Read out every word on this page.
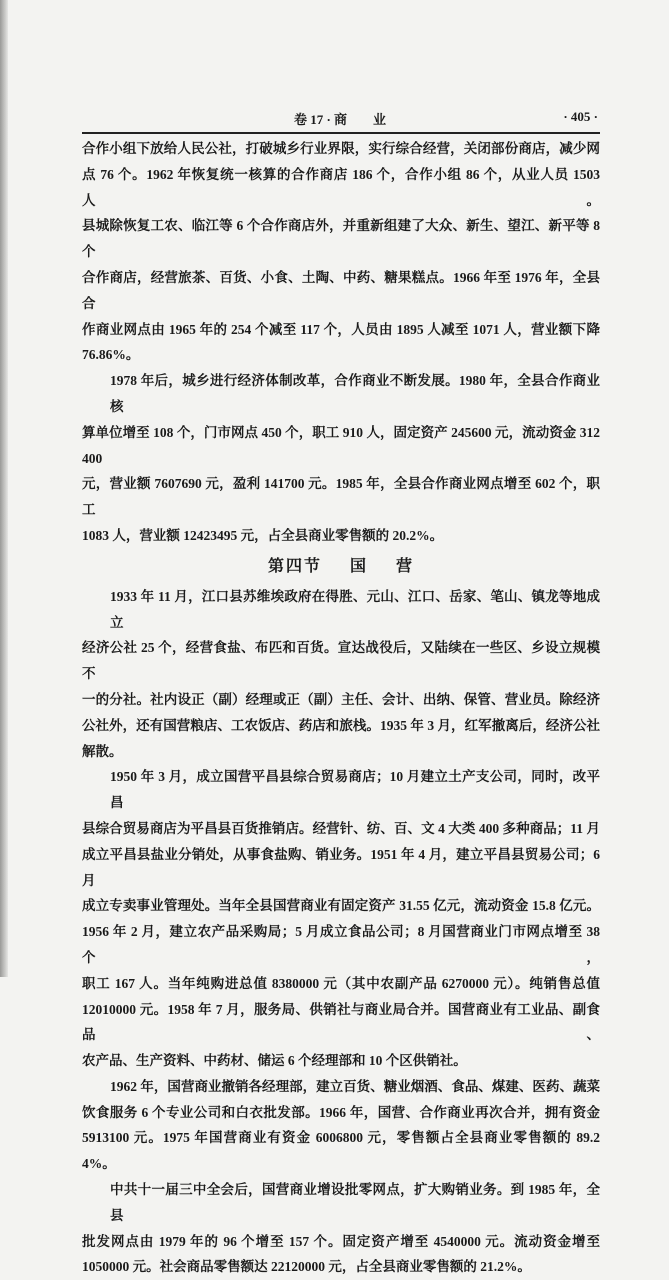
卷 17 · 商　　业	· 405 ·
合作小组下放给人民公社，打破城乡行业界限，实行综合经营，关闭部份商店，减少网
点 76 个。1962 年恢复统一核算的合作商店 186 个，合作小组 86 个，从业人员 1503 人。
县城除恢复工农、临江等 6 个合作商店外，并重新组建了大众、新生、望江、新平等 8 个
合作商店，经营旅茶、百货、小食、土陶、中药、糖果糕点。1966 年至 1976 年，全县合
作商业网点由 1965 年的 254 个减至 117 个，人员由 1895 人减至 1071 人，营业额下降
76.86%。
1978 年后，城乡进行经济体制改革，合作商业不断发展。1980 年，全县合作商业核
算单位增至 108 个，门市网点 450 个，职工 910 人，固定资产 245600 元，流动资金 312400
元，营业额 7607690 元，盈利 141700 元。1985 年，全县合作商业网点增至 602 个，职工
1083 人，营业额 12423495 元，占全县商业零售额的 20.2%。
第四节 国 营
1933 年 11 月，江口县苏维埃政府在得胜、元山、江口、岳家、笔山、镇龙等地成立
经济公社 25 个，经营食盐、布匹和百货。宣达战役后，又陆续在一些区、乡设立规模不
一的分社。社内设正（副）经理或正（副）主任、会计、出纳、保管、营业员。除经济
公社外，还有国营粮店、工农饭店、药店和旅栈。1935 年 3 月，红军撤离后，经济公社
解散。
1950 年 3 月，成立国营平昌县综合贸易商店；10 月建立土产支公司，同时，改平昌
县综合贸易商店为平昌县百货推销店。经营针、纺、百、文 4 大类 400 多种商品；11 月
成立平昌县盐业分销处，从事食盐购、销业务。1951 年 4 月，建立平昌县贸易公司；6 月
成立专卖事业管理处。当年全县国营商业有固定资产 31.55 亿元，流动资金 15.8 亿元。
1956 年 2 月，建立农产品采购局；5 月成立食品公司；8 月国营商业门市网点增至 38 个，
职工 167 人。当年纯购进总值 8380000 元（其中农副产品 6270000 元）。纯销售总值
12010000 元。1958 年 7 月，服务局、供销社与商业局合并。国营商业有工业品、副食品、
农产品、生产资料、中药材、储运 6 个经理部和 10 个区供销社。
1962 年，国营商业撤销各经理部，建立百货、糖业烟酒、食品、煤建、医药、蔬菜
饮食服务 6 个专业公司和白衣批发部。1966 年，国营、合作商业再次合并，拥有资金
5913100 元。1975 年国营商业有资金 6006800 元，零售额占全县商业零售额的 89.24%。
中共十一届三中全会后，国营商业增设批零网点，扩大购销业务。到 1985 年，全县
批发网点由 1979 年的 96 个增至 157 个。固定资产增至 4540000 元。流动资金增至
1050000 元。社会商品零售额达 22120000 元，占全县商业零售额的 21.2%。
